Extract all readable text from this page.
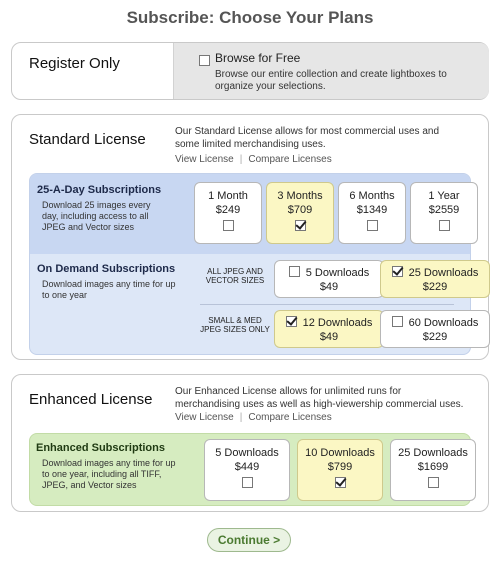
Subscribe: Choose Your Plans
Register Only	Browse for Free
Browse our entire collection and create lightboxes to organize your selections.
Standard License	Our Standard License allows for most commercial uses and some limited merchandising uses.
View License | Compare Licenses
25-A-Day Subscriptions
Download 25 images every day, including access to all JPEG and Vector sizes
1 Month
$249
3 Months
$709
6 Months
$1349
1 Year
$2559
On Demand Subscriptions
Download images any time for up to one year
ALL JPEG AND VECTOR SIZES
5 Downloads
$49
25 Downloads
$229
SMALL & MED JPEG SIZES ONLY
12 Downloads
$49
60 Downloads
$229
Enhanced License Our Enhanced License allows for unlimited runs for merchandising uses as well as high-viewership commercial uses.
View License | Compare Licenses
Enhanced Subscriptions
Download images any time for up to one year, including all TIFF, JPEG, and Vector sizes
5 Downloads
$449
10 Downloads
$799
25 Downloads
$1699
Continue >
